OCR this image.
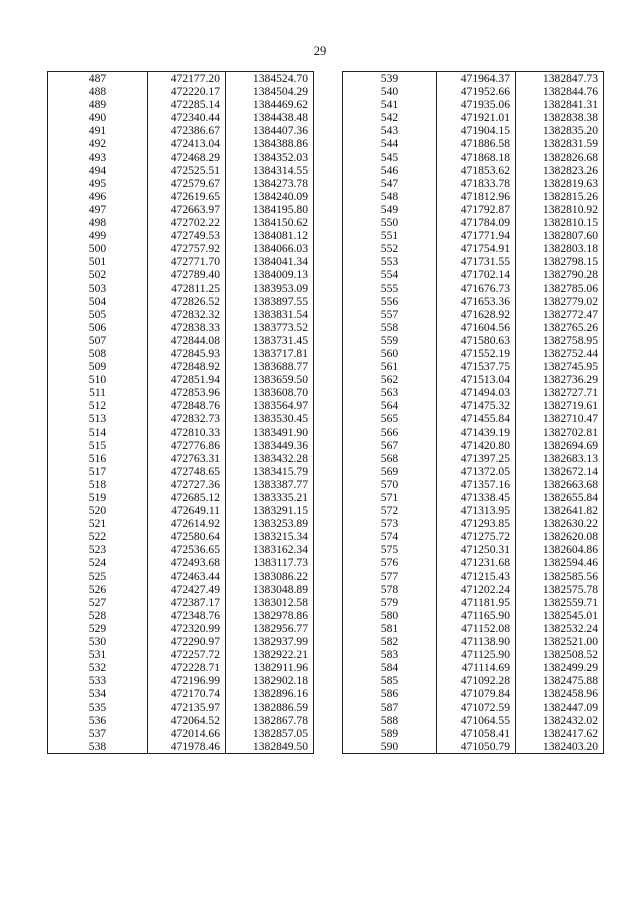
29
487	472177.20	1384524.70
488	472220.17	1384504.29
489	472285.14	1384469.62
490	472340.44	1384438.48
491	472386.67	1384407.36
492	472413.04	1384388.86
493	472468.29	1384352.03
494	472525.51	1384314.55
495	472579.67	1384273.78
496	472619.65	1384240.09
497	472663.97	1384195.80
498	472702.22	1384150.62
499	472749.53	1384081.12
500	472757.92	1384066.03
501	472771.70	1384041.34
502	472789.40	1384009.13
503	472811.25	1383953.09
504	472826.52	1383897.55
505	472832.32	1383831.54
506	472838.33	1383773.52
507	472844.08	1383731.45
508	472845.93	1383717.81
509	472848.92	1383688.77
510	472851.94	1383659.50
511	472853.96	1383608.70
512	472848.76	1383564.97
513	472832.73	1383530.45
514	472810.33	1383491.90
515	472776.86	1383449.36
516	472763.31	1383432.28
517	472748.65	1383415.79
518	472727.36	1383387.77
519	472685.12	1383335.21
520	472649.11	1383291.15
521	472614.92	1383253.89
522	472580.64	1383215.34
523	472536.65	1383162.34
524	472493.68	1383117.73
525	472463.44	1383086.22
526	472427.49	1383048.89
527	472387.17	1383012.58
528	472348.76	1382978.86
529	472320.99	1382956.77
530	472290.97	1382937.99
531	472257.72	1382922.21
532	472228.71	1382911.96
533	472196.99	1382902.18
534	472170.74	1382896.16
535	472135.97	1382886.59
536	472064.52	1382867.78
537	472014.66	1382857.05
538	471978.46	1382849.50
539	471964.37	1382847.73
540	471952.66	1382844.76
541	471935.06	1382841.31
542	471921.01	1382838.38
543	471904.15	1382835.20
544	471886.58	1382831.59
545	471868.18	1382826.68
546	471853.62	1382823.26
547	471833.78	1382819.63
548	471812.96	1382815.26
549	471792.87	1382810.92
550	471784.09	1382810.15
551	471771.94	1382807.60
552	471754.91	1382803.18
553	471731.55	1382798.15
554	471702.14	1382790.28
555	471676.73	1382785.06
556	471653.36	1382779.02
557	471628.92	1382772.47
558	471604.56	1382765.26
559	471580.63	1382758.95
560	471552.19	1382752.44
561	471537.75	1382745.95
562	471513.04	1382736.29
563	471494.03	1382727.71
564	471475.32	1382719.61
565	471455.84	1382710.47
566	471439.19	1382702.81
567	471420.80	1382694.69
568	471397.25	1382683.13
569	471372.05	1382672.14
570	471357.16	1382663.68
571	471338.45	1382655.84
572	471313.95	1382641.82
573	471293.85	1382630.22
574	471275.72	1382620.08
575	471250.31	1382604.86
576	471231.68	1382594.46
577	471215.43	1382585.56
578	471202.24	1382575.78
579	471181.95	1382559.71
580	471165.90	1382545.01
581	471152.08	1382532.24
582	471138.90	1382521.00
583	471125.90	1382508.52
584	471114.69	1382499.29
585	471092.28	1382475.88
586	471079.84	1382458.96
587	471072.59	1382447.09
588	471064.55	1382432.02
589	471058.41	1382417.62
590	471050.79	1382403.20
